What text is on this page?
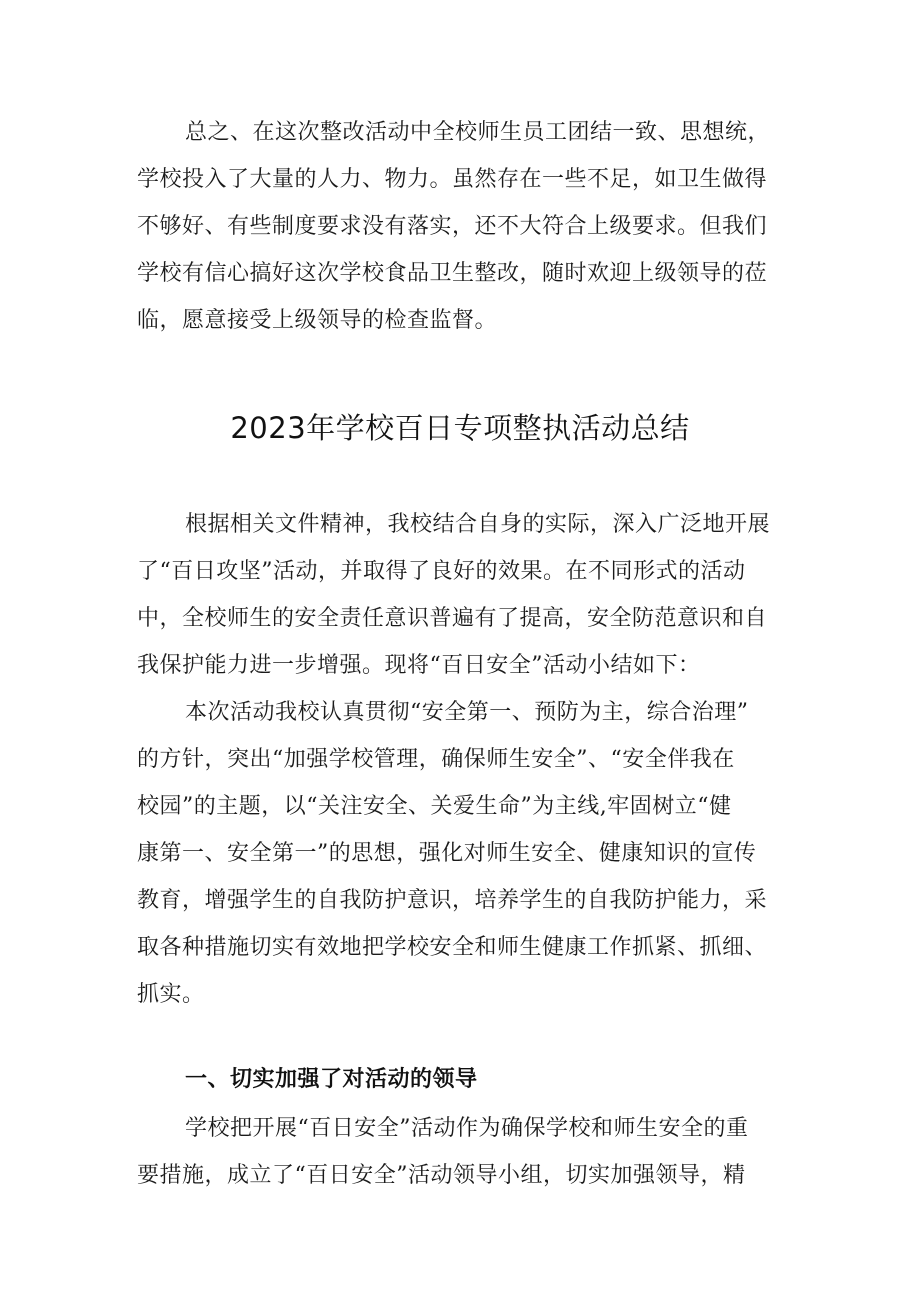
总之、在这次整改活动中全校师生员工团结一致、思想统，
学校投入了大量的人力、物力。虽然存在一些不足，如卫生做得
不够好、有些制度要求没有落实，还不大符合上级要求。但我们
学校有信心搞好这次学校食品卫生整改，随时欢迎上级领导的莅
临，愿意接受上级领导的检查监督。
2023年学校百日专项整执活动总结
根据相关文件精神，我校结合自身的实际，深入广泛地开展
了“百日攻坚”活动，并取得了良好的效果。在不同形式的活动
中，全校师生的安全责任意识普遍有了提高，安全防范意识和自
我保护能力进一步增强。现将“百日安全”活动小结如下：
本次活动我校认真贯彻“安全第一、预防为主，综合治理”
的方针，突出“加强学校管理，确保师生安全”、“安全伴我在
校园”的主题，以“关注安全、关爱生命”为主线,牢固树立“健
康第一、安全第一”的思想，强化对师生安全、健康知识的宣传
教育，增强学生的自我防护意识，培养学生的自我防护能力，采
取各种措施切实有效地把学校安全和师生健康工作抓紧、抓细、
抓实。
一、切实加强了对活动的领导
学校把开展“百日安全”活动作为确保学校和师生安全的重
要措施，成立了“百日安全”活动领导小组，切实加强领导，精
